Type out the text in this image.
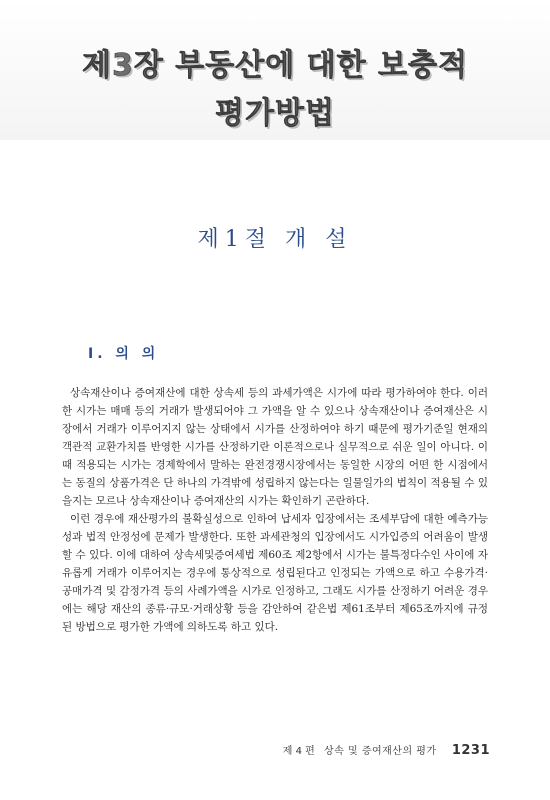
제3장 부동산에 대한 보충적
평가방법
제1절 개 설
Ⅰ. 의 의

상속재산이나 증여재산에 대한 상속세 등의 과세가액은 시가에 따라 평가하여야 한다. 이러한 시가는 매매 등의 거래가 발생되어야 그 가액을 알 수 있으나 상속재산이나 증여재산은 시장에서 거래가 이루어지지 않는 상태에서 시가를 산정하여야 하기 때문에 평가기준일 현재의 객관적 교환가치를 반영한 시가를 산정하기란 이론적으로나 실무적으로 쉬운 일이 아니다. 이 때 적용되는 시가는 경제학에서 말하는 완전경쟁시장에서는 동일한 시장의 어떤 한 시점에서는 동질의 상품가격은 단 하나의 가격밖에 성립하지 않는다는 일물일가의 법칙이 적용될 수 있을지는 모르나 상속재산이나 증여재산의 시가는 확인하기 곤란하다.

이런 경우에 재산평가의 불확실성으로 인하여 납세자 입장에서는 조세부담에 대한 예측가능성과 법적 안정성에 문제가 발생한다. 또한 과세관청의 입장에서도 시가입증의 어려움이 발생할 수 있다. 이에 대하여 상속세및증여세법 제60조 제2항에서 시가는 불특정다수인 사이에 자유롭게 거래가 이루어지는 경우에 통상적으로 성립된다고 인정되는 가액으로 하고 수용가격·공매가격 및 감정가격 등의 사례가액을 시가로 인정하고, 그래도 시가를 산정하기 어려운 경우에는 해당 재산의 종류·규모·거래상황 등을 감안하여 같은법 제61조부터 제65조까지에 규정된 방법으로 평가한 가액에 의하도록 하고 있다.

제 4 편 상속 및 증여재산의 평가 1231
